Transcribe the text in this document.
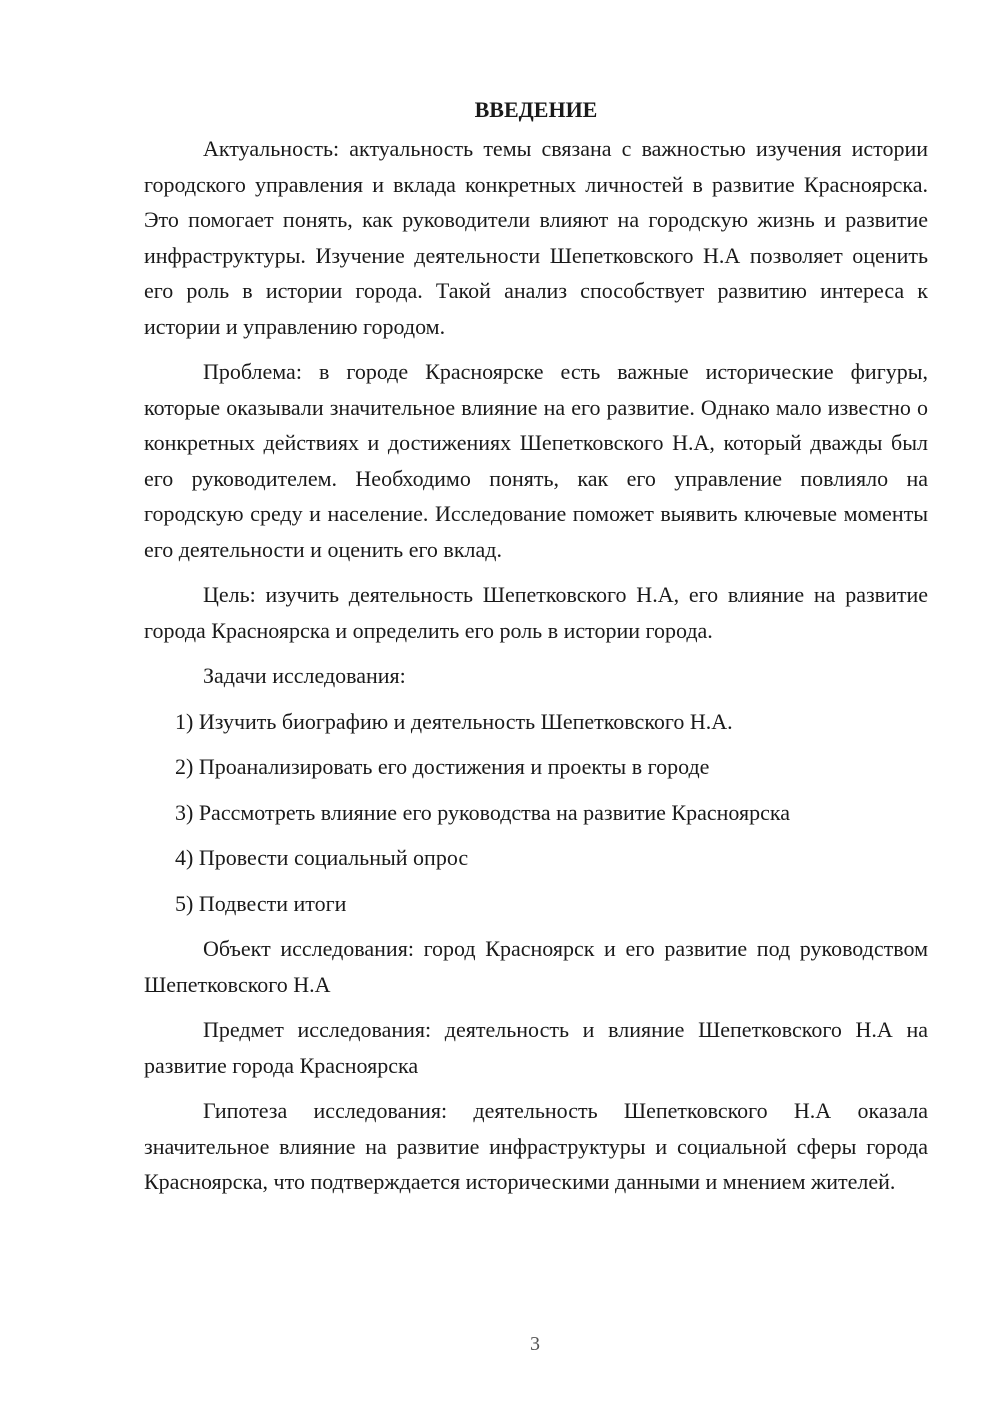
ВВЕДЕНИЕ

Актуальность: актуальность темы связана с важностью изучения истории городского управления и вклада конкретных личностей в развитие Красноярска. Это помогает понять, как руководители влияют на городскую жизнь и развитие инфраструктуры. Изучение деятельности Шепетковского Н.А позволяет оценить его роль в истории города. Такой анализ способствует развитию интереса к истории и управлению городом.

Проблема: в городе Красноярске есть важные исторические фигуры, которые оказывали значительное влияние на его развитие. Однако мало известно о конкретных действиях и достижениях Шепетковского Н.А, который дважды был его руководителем. Необходимо понять, как его управление повлияло на городскую среду и население. Исследование поможет выявить ключевые моменты его деятельности и оценить его вклад.

Цель: изучить деятельность Шепетковского Н.А, его влияние на развитие города Красноярска и определить его роль в истории города.

Задачи исследования:

1) Изучить биографию и деятельность Шепетковского Н.А.
2) Проанализировать его достижения и проекты в городе
3) Рассмотреть влияние его руководства на развитие Красноярска
4) Провести социальный опрос
5) Подвести итоги

Объект исследования: город Красноярск и его развитие под руководством Шепетковского Н.А

Предмет исследования: деятельность и влияние Шепетковского Н.А на развитие города Красноярска

Гипотеза исследования: деятельность Шепетковского Н.А оказала значительное влияние на развитие инфраструктуры и социальной сферы города Красноярска, что подтверждается историческими данными и мнением жителей.

3
